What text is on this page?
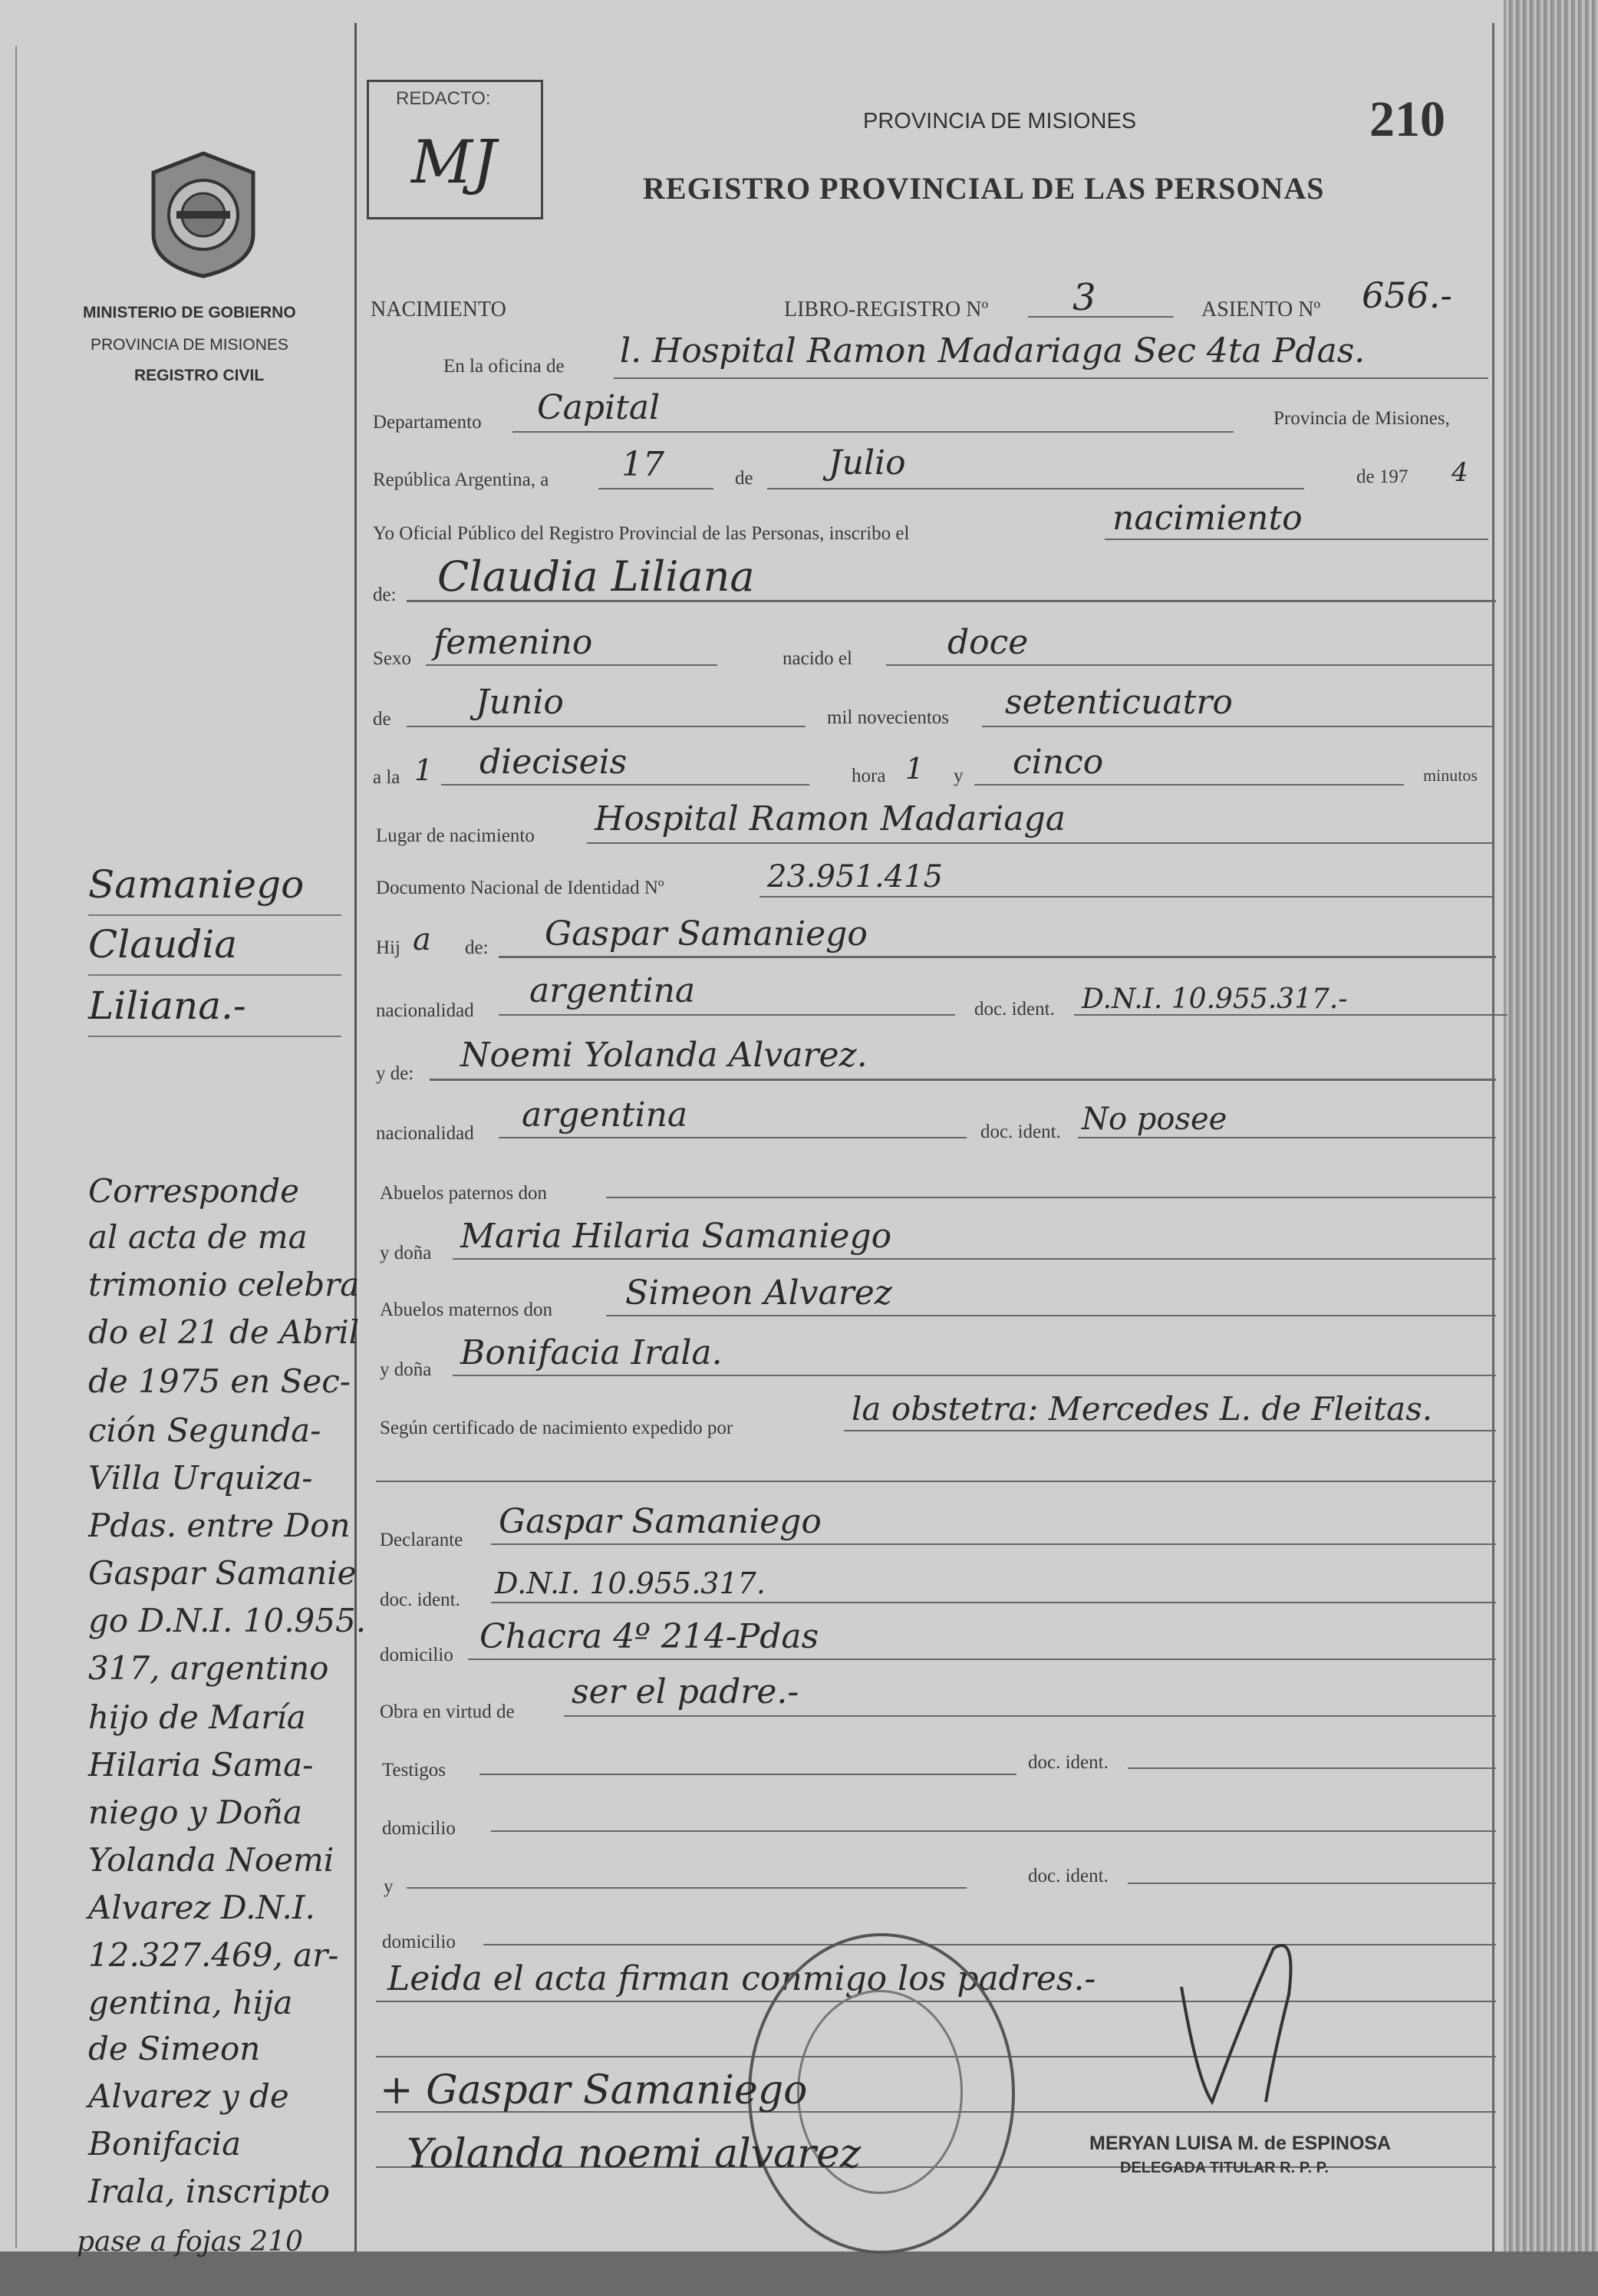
MINISTERIO DE GOBIERNO
PROVINCIA DE MISIONES
REGISTRO CIVIL
REDACTO:
MJ
PROVINCIA DE MISIONES
REGISTRO PROVINCIAL DE LAS PERSONAS
210
NACIMIENTO	LIBRO-REGISTRO Nº 3	ASIENTO Nº 656.-
En la oficina de l. Hospital Ramon Madariaga Sec 4ta Pdas.
Departamento Capital	Provincia de Misiones,
República Argentina, a 17	de Julio	de 197 4
Yo Oficial Público del Registro Provincial de las Personas, inscribo el	nacimiento
de: Claudia Liliana
Sexo femenino	nacido el	doce
de	Junio	mil novecientos setenticuatro
a la 1 dieciseis	hora 1 y cinco	minutos
Lugar de nacimiento Hospital Ramon Madariaga
Documento Nacional de Identidad Nº	23.951.415
Hij a de: Gaspar Samaniego
nacionalidad
argentina	doc. ident. D.N.I. 10.955.317.-
y de: Noemi Yolanda Alvarez.
nacionalidad argentina	doc. ident. No posee
Abuelos paternos don
y doña Maria Hilaria Samaniego
Abuelos maternos don Simeon Alvarez
y doña Bonifacia Irala.
Según certificado de nacimiento expedido por
la obstetra: Mercedes L. de Fleitas.
Declarante Gaspar Samaniego
doc. ident. D.N.I. 10.955.317.
domicilio Chacra 4º 214-Pdas
Obra en virtud de
ser el padre.-
Testigos	doc. ident.
domicilio
y
doc. ident.
domicilio
Leida el acta firman conmigo los padres.-
+ Gaspar Samaniego
Yolanda noemi alvarez	MERYAN LUISA M. de ESPINOSA
DELEGADA TITULAR R. P. P.
Samaniego
Claudia
Liliana.-
Corresponde
al acta de ma
trimonio celebra
do el 21 de Abril
de 1975 en Sec-
ción Segunda-
Villa Urquiza-
Pdas. entre Don
Gaspar Samanie
go D.N.I. 10.955.
317, argentino
hijo de María
Hilaria Sama-
niego y Doña
Yolanda Noemi
Alvarez D.N.I.
12.327.469, ar-
gentina, hija
de Simeon
Alvarez y de
Bonifacia
Irala, inscripto
pase a fojas 210
